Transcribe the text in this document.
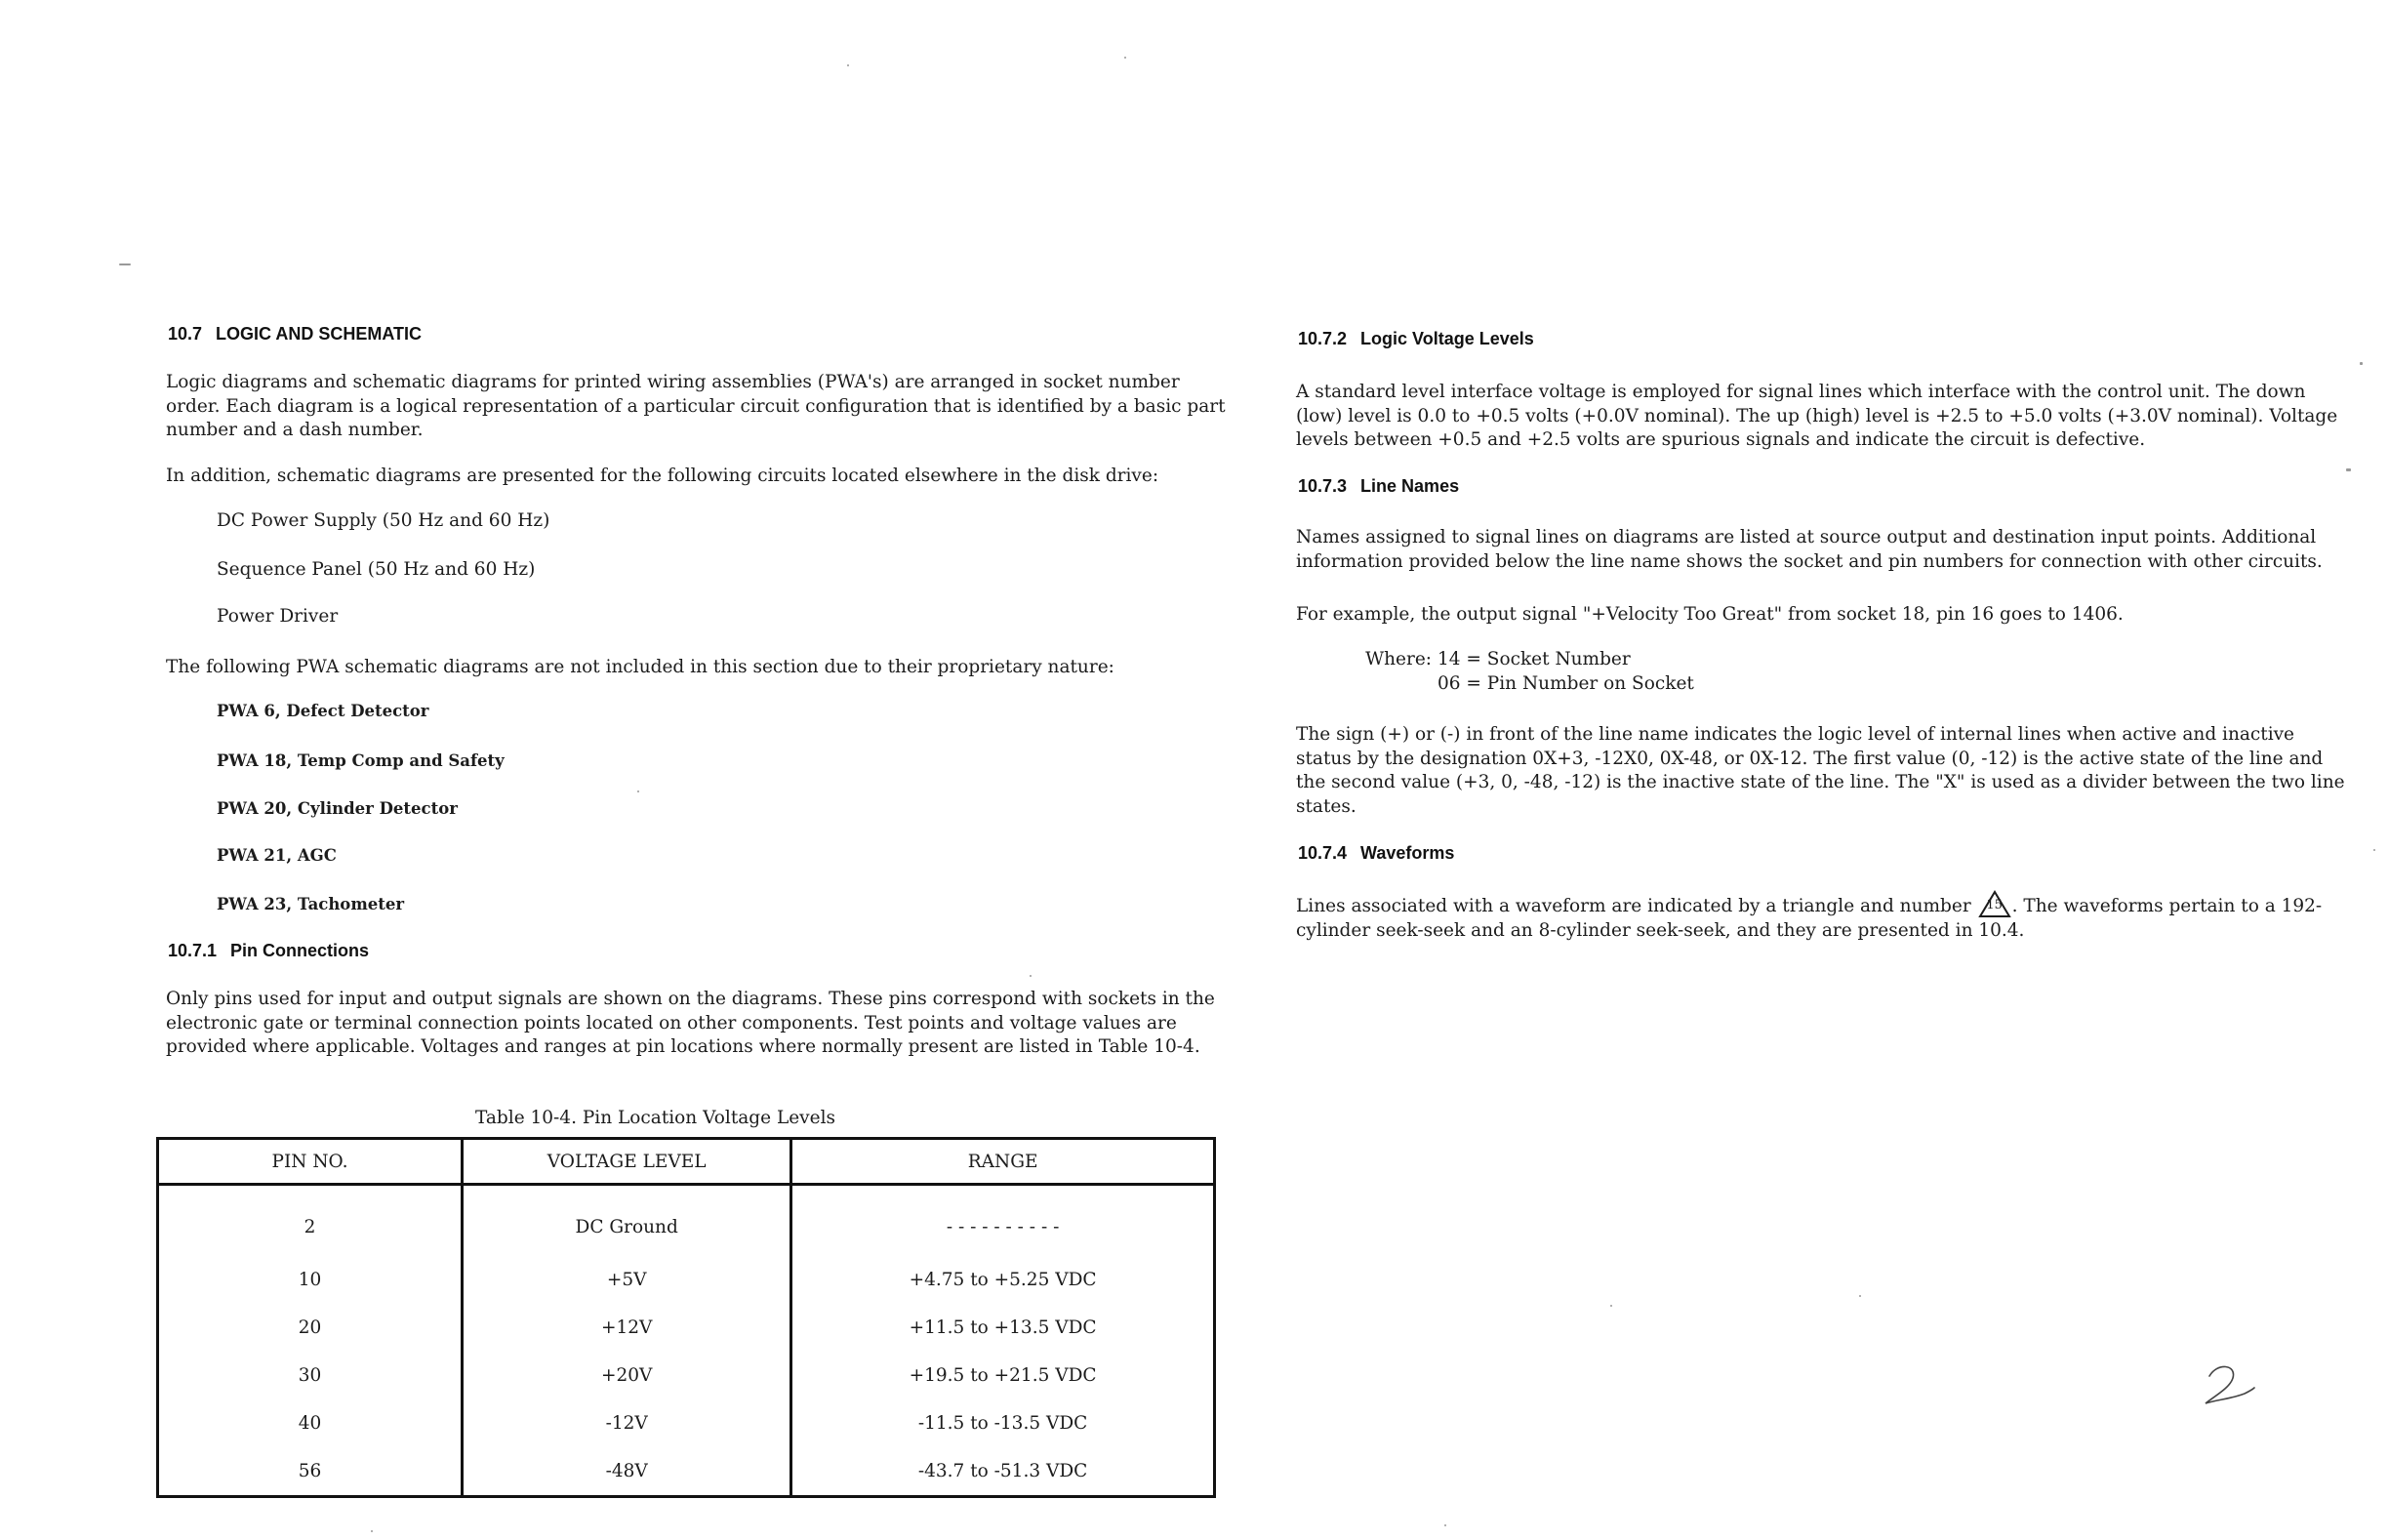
10.7 LOGIC AND SCHEMATIC
Logic diagrams and schematic diagrams for printed wiring assemblies (PWA's) are arranged in socket number order. Each diagram is a logical representation of a particular circuit configuration that is identified by a basic part number and a dash number.
In addition, schematic diagrams are presented for the following circuits located elsewhere in the disk drive:
DC Power Supply (50 Hz and 60 Hz)
Sequence Panel (50 Hz and 60 Hz)
Power Driver
The following PWA schematic diagrams are not included in this section due to their proprietary nature:
PWA 6, Defect Detector
PWA 18, Temp Comp and Safety
PWA 20, Cylinder Detector
PWA 21, AGC
PWA 23, Tachometer
10.7.1 Pin Connections
Only pins used for input and output signals are shown on the diagrams. These pins correspond with sockets in the electronic gate or terminal connection points located on other components. Test points and voltage values are provided where applicable. Voltages and ranges at pin locations where normally present are listed in Table 10-4.
Table 10-4. Pin Location Voltage Levels
PIN NO.	VOLTAGE LEVEL	RANGE
2	DC Ground	- - - - - - - - - -
10	+5V	+4.75 to +5.25 VDC
20	+12V	+11.5 to +13.5 VDC
30	+20V	+19.5 to +21.5 VDC
40	-12V	-11.5 to -13.5 VDC
56	-48V	-43.7 to -51.3 VDC
10.7.2 Logic Voltage Levels
A standard level interface voltage is employed for signal lines which interface with the control unit. The down (low) level is 0.0 to +0.5 volts (+0.0V nominal). The up (high) level is +2.5 to +5.0 volts (+3.0V nominal). Voltage levels between +0.5 and +2.5 volts are spurious signals and indicate the circuit is defective.
10.7.3 Line Names
Names assigned to signal lines on diagrams are listed at source output and destination input points. Additional information provided below the line name shows the socket and pin numbers for connection with other circuits.
For example, the output signal "+Velocity Too Great" from socket 18, pin 16 goes to 1406.
Where: 14 = Socket Number
06 = Pin Number on Socket
The sign (+) or (-) in front of the line name indicates the logic level of internal lines when active and inactive status by the designation 0X+3, -12X0, 0X-48, or 0X-12. The first value (0, -12) is the active state of the line and the second value (+3, 0, -48, -12) is the inactive state of the line. The "X" is used as a divider between the two line states.
10.7.4 Waveforms
Lines associated with a waveform are indicated by a triangle and number	15 . The waveforms pertain to a 192-cylinder seek-seek and an 8-cylinder seek-seek, and they are presented in 10.4.
